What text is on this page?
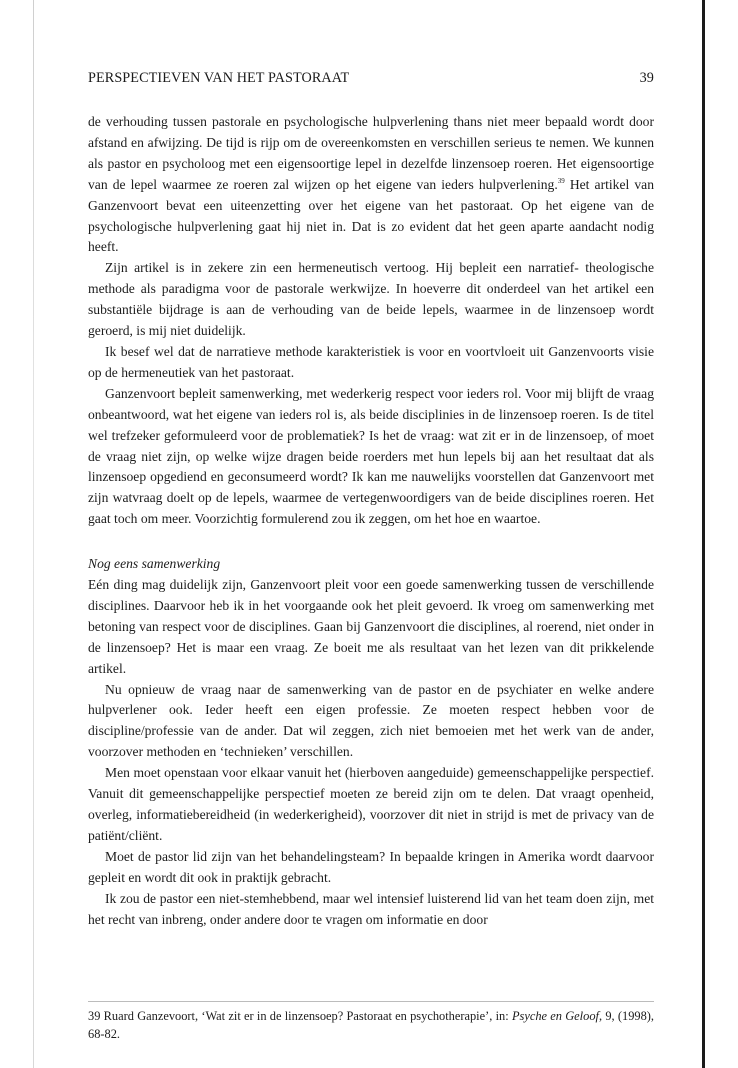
PERSPECTIEVEN VAN HET PASTORAAT	39

de verhouding tussen pastorale en psychologische hulpverlening thans niet meer bepaald wordt door afstand en afwijzing. De tijd is rijp om de overeenkomsten en verschillen serieus te nemen. We kunnen als pastor en psycholoog met een eigensoortige lepel in dezelfde linzensoep roeren. Het eigensoortige van de lepel waarmee ze roeren zal wijzen op het eigene van ieders hulpverlening.$^{39}$ Het artikel van Ganzenvoort bevat een uiteenzetting over het eigene van het pastoraat. Op het eigene van de psychologische hulpverlening gaat hij niet in. Dat is zo evident dat het geen aparte aandacht nodig heeft.

Zijn artikel is in zekere zin een hermeneutisch vertoog. Hij bepleit een narratief- theologische methode als paradigma voor de pastorale werkwijze. In hoeverre dit onderdeel van het artikel een substantiële bijdrage is aan de verhouding van de beide lepels, waarmee in de linzensoep wordt geroerd, is mij niet duidelijk.

Ik besef wel dat de narratieve methode karakteristiek is voor en voortvloeit uit Ganzenvoorts visie op de hermeneutiek van het pastoraat.

Ganzenvoort bepleit samenwerking, met wederkerig respect voor ieders rol. Voor mij blijft de vraag onbeantwoord, wat het eigene van ieders rol is, als beide disciplinies in de linzensoep roeren. Is de titel wel trefzeker geformuleerd voor de problematiek? Is het de vraag: wat zit er in de linzensoep, of moet de vraag niet zijn, op welke wijze dragen beide roerders met hun lepels bij aan het resultaat dat als linzensoep opgediend en geconsumeerd wordt? Ik kan me nauwelijks voorstellen dat Ganzenvoort met zijn watvraag doelt op de lepels, waarmee de vertegenwoordigers van de beide disciplines roeren. Het gaat toch om meer. Voorzichtig formulerend zou ik zeggen, om het hoe en waartoe.

Nog eens samenwerking

Eén ding mag duidelijk zijn, Ganzenvoort pleit voor een goede samenwerking tussen de verschillende disciplines. Daarvoor heb ik in het voorgaande ook het pleit gevoerd. Ik vroeg om samenwerking met betoning van respect voor de disciplines. Gaan bij Ganzenvoort die disciplines, al roerend, niet onder in de linzensoep? Het is maar een vraag. Ze boeit me als resultaat van het lezen van dit prikkelende artikel.

Nu opnieuw de vraag naar de samenwerking van de pastor en de psychiater en welke andere hulpverlener ook. Ieder heeft een eigen professie. Ze moeten respect hebben voor de discipline/professie van de ander. Dat wil zeggen, zich niet bemoeien met het werk van de ander, voorzover methoden en ‘technieken’ verschillen.

Men moet openstaan voor elkaar vanuit het (hierboven aangeduide) gemeenschappelijke perspectief. Vanuit dit gemeenschappelijke perspectief moeten ze bereid zijn om te delen. Dat vraagt openheid, overleg, informatiebereidheid (in wederkerigheid), voorzover dit niet in strijd is met de privacy van de patiënt/cliënt.

Moet de pastor lid zijn van het behandelingsteam? In bepaalde kringen in Amerika wordt daarvoor gepleit en wordt dit ook in praktijk gebracht.

Ik zou de pastor een niet-stemhebbend, maar wel intensief luisterend lid van het team doen zijn, met het recht van inbreng, onder andere door te vragen om informatie en door

39 Ruard Ganzevoort, ‘Wat zit er in de linzensoep? Pastoraat en psychotherapie’, in: Psyche en Geloof, 9, (1998), 68-82.
